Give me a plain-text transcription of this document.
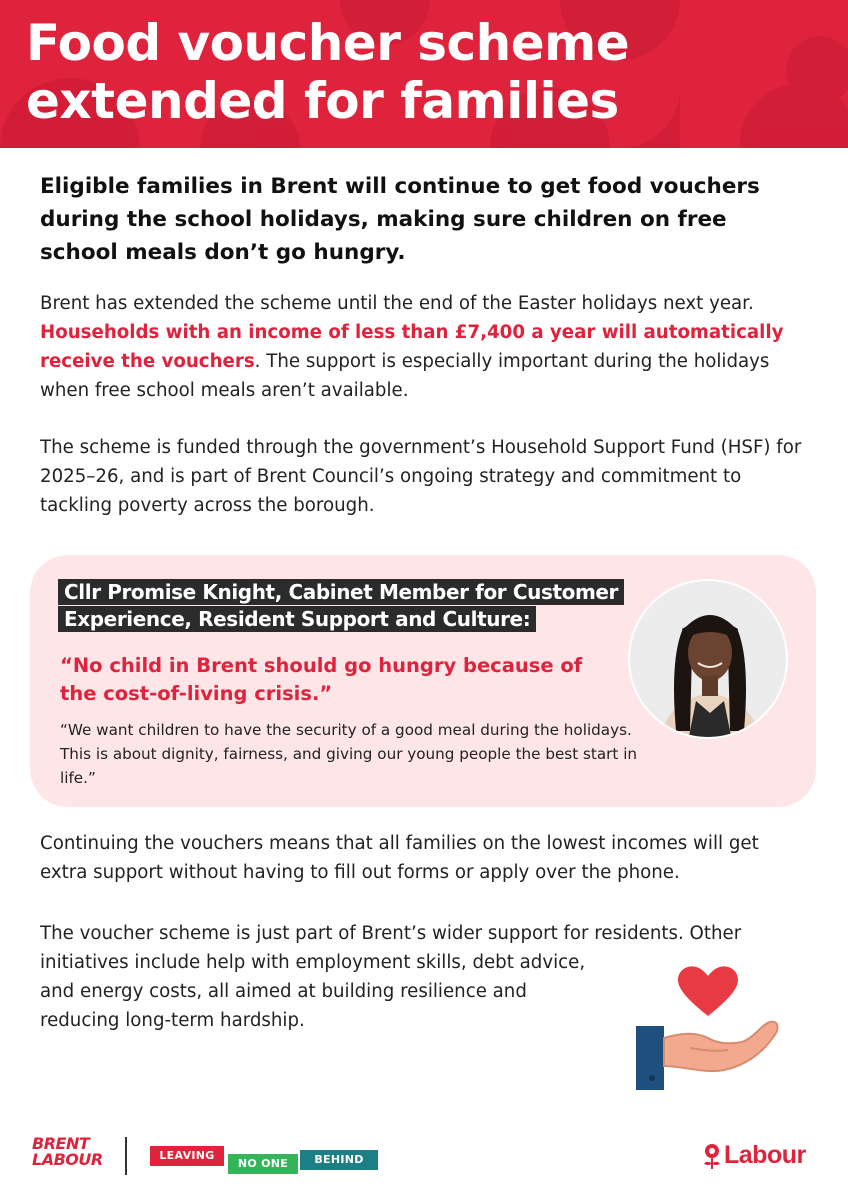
Food voucher scheme
extended for families
Eligible families in Brent will continue to get food vouchers during the school holidays, making sure children on free school meals don’t go hungry.
Brent has extended the scheme until the end of the Easter holidays next year. Households with an income of less than £7,400 a year will automatically receive the vouchers. The support is especially important during the holidays when free school meals aren’t available.
The scheme is funded through the government’s Household Support Fund (HSF) for 2025–26, and is part of Brent Council’s ongoing strategy and commitment to tackling poverty across the borough.
Cllr Promise Knight, Cabinet Member for Customer
Experience, Resident Support and Culture:
“No child in Brent should go hungry because of the cost-of-living crisis.”
“We want children to have the security of a good meal during the holidays. This is about dignity, fairness, and giving our young people the best start in life.”
Continuing the vouchers means that all families on the lowest incomes will get extra support without having to fill out forms or apply over the phone.
The voucher scheme is just part of Brent’s wider support for residents. Other
initiatives include help with employment skills, debt advice,
and energy costs, all aimed at building resilience and
reducing long-term hardship.
BRENT
LABOUR	LEAVING
NO ONE	BEHIND	Labour
